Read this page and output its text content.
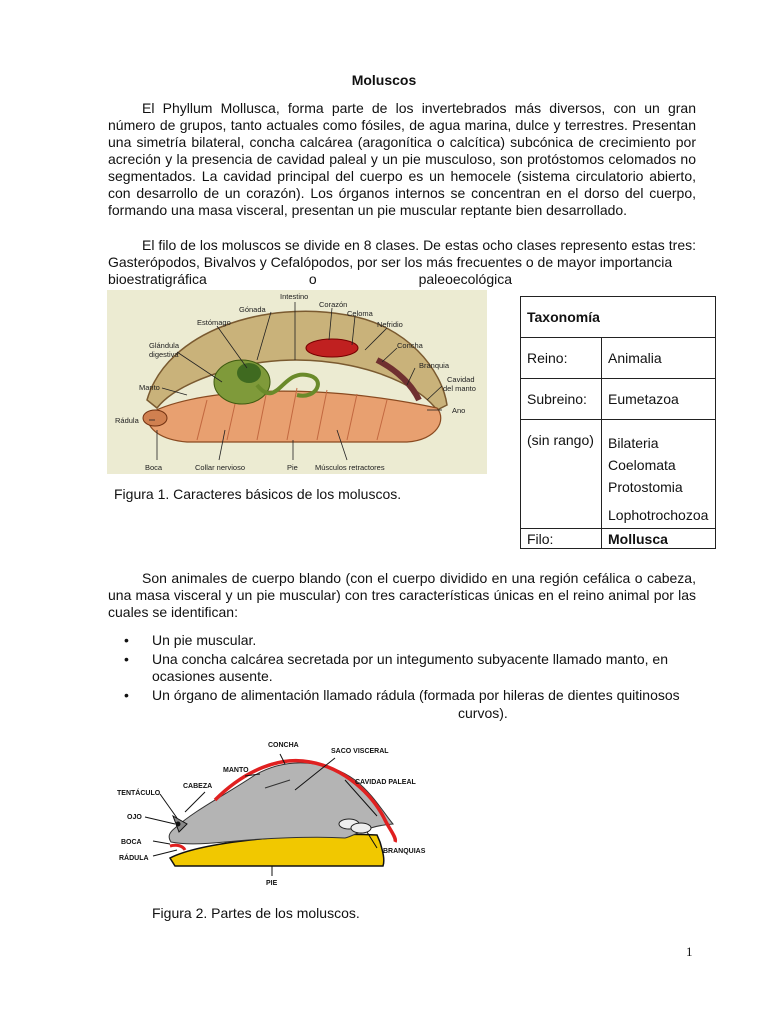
Moluscos

El Phyllum Mollusca, forma parte de los invertebrados más diversos, con un gran número de grupos, tanto actuales como fósiles, de agua marina, dulce y terrestres. Presentan una simetría bilateral, concha calcárea (aragonítica o calcítica) subcónica de crecimiento por acreción y la presencia de cavidad paleal y un pie musculoso, son protóstomos celomados no segmentados. La cavidad principal del cuerpo es un hemocele (sistema circulatorio abierto, con desarrollo de un corazón). Los órganos internos se concentran en el dorso del cuerpo, formando una masa visceral, presentan un pie muscular reptante bien desarrollado.

El filo de los moluscos se divide en 8 clases. De estas ocho clases represento estas tres: Gasterópodos, Bivalvos y Cefalópodos, por ser los más frecuentes o de mayor importancia

bioestratigráfica	o	paleoecológica
Intestino
Gónada
Corazón
Celoma
Estómago	Nefridio
Glándula
digestiva
Concha
Branquia
Manto
Cavidad
del manto
Rádula
Ano
Boca	Collar nervioso	Pie Músculos retractores
Figura 1. Caracteres básicos de los moluscos.
Taxonomía	
Reino:	Animalia
Subreino:	Eumetazoa
(sin rango)	Bilateria
Coelomata
Protostomia
Lophotrochozoa

Filo:	Mollusca

Son animales de cuerpo blando (con el cuerpo dividido en una región cefálica o cabeza, una masa visceral y un pie muscular) con tres características únicas en el reino animal por las cuales se identifican:

• Un pie muscular.
• Una concha calcárea secretada por un integumento subyacente llamado manto, en ocasiones ausente.
• Un órgano de alimentación llamado rádula (formada por hileras de dientes quitinosos
curvos).
CONCHA
SACO VISCERAL
MANTO
CABEZA
CAVIDAD PALEAL
TENTÁCULO
OJO
BOCA
RÁDULA
BRANQUIAS
PIE
Figura 2. Partes de los moluscos.
1
